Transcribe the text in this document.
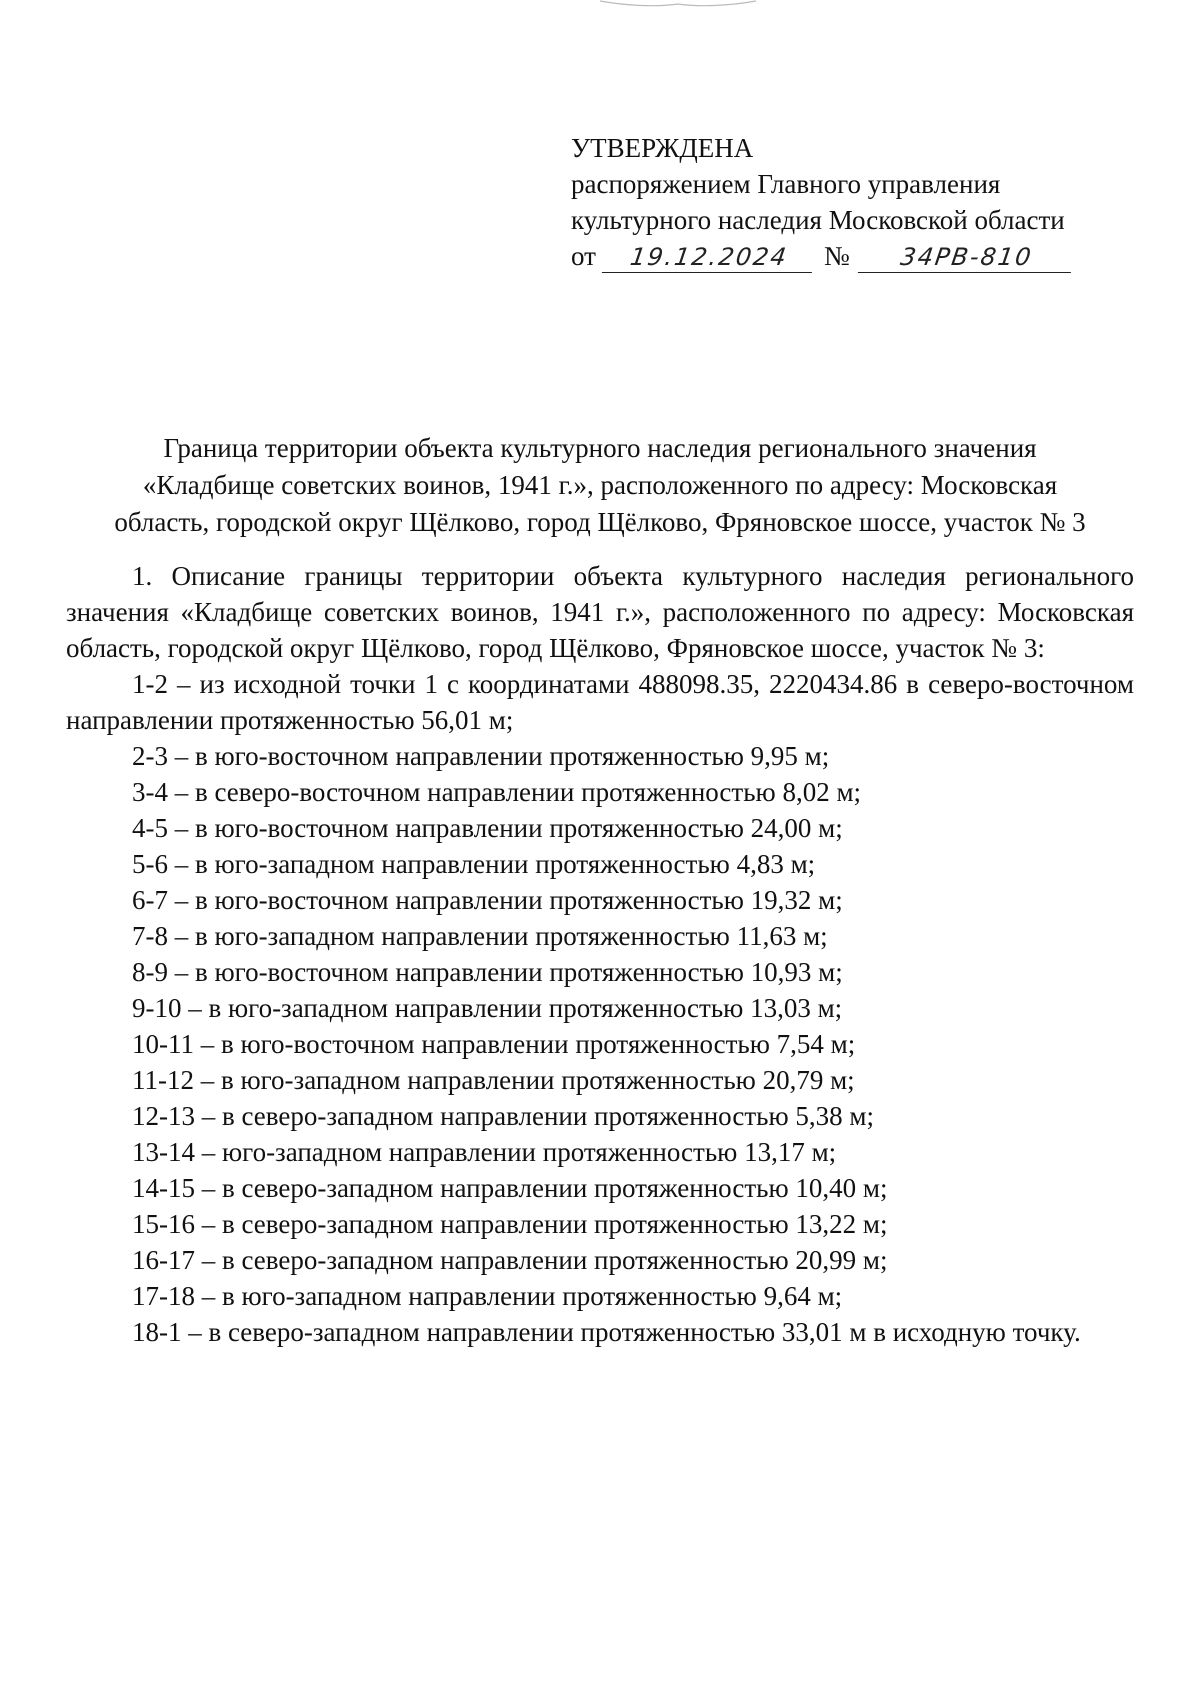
УТВЕРЖДЕНА
распоряжением Главного управления
культурного наследия Московской области
от	19.12.2024	№	34РВ-810
Граница территории объекта культурного наследия регионального значения
«Кладбище советских воинов, 1941 г.», расположенного по адресу: Московская
область, городской округ Щёлково, город Щёлково, Фряновское шоссе, участок № 3

1. Описание границы территории объекта культурного наследия регионального значения «Кладбище советских воинов, 1941 г.», расположенного по адресу: Московская область, городской округ Щёлково, город Щёлково, Фряновское шоссе, участок № 3:

1-2 – из исходной точки 1 с координатами 488098.35, 2220434.86 в северо-восточном направлении протяженностью 56,01 м;

2-3 – в юго-восточном направлении протяженностью 9,95 м;

3-4 – в северо-восточном направлении протяженностью 8,02 м;

4-5 – в юго-восточном направлении протяженностью 24,00 м;

5-6 – в юго-западном направлении протяженностью 4,83 м;

6-7 – в юго-восточном направлении протяженностью 19,32 м;

7-8 – в юго-западном направлении протяженностью 11,63 м;

8-9 – в юго-восточном направлении протяженностью 10,93 м;

9-10 – в юго-западном направлении протяженностью 13,03 м;

10-11 – в юго-восточном направлении протяженностью 7,54 м;

11-12 – в юго-западном направлении протяженностью 20,79 м;

12-13 – в северо-западном направлении протяженностью 5,38 м;

13-14 – юго-западном направлении протяженностью 13,17 м;

14-15 – в северо-западном направлении протяженностью 10,40 м;

15-16 – в северо-западном направлении протяженностью 13,22 м;

16-17 – в северо-западном направлении протяженностью 20,99 м;

17-18 – в юго-западном направлении протяженностью 9,64 м;

18-1 – в северо-западном направлении протяженностью 33,01 м в исходную точку.
